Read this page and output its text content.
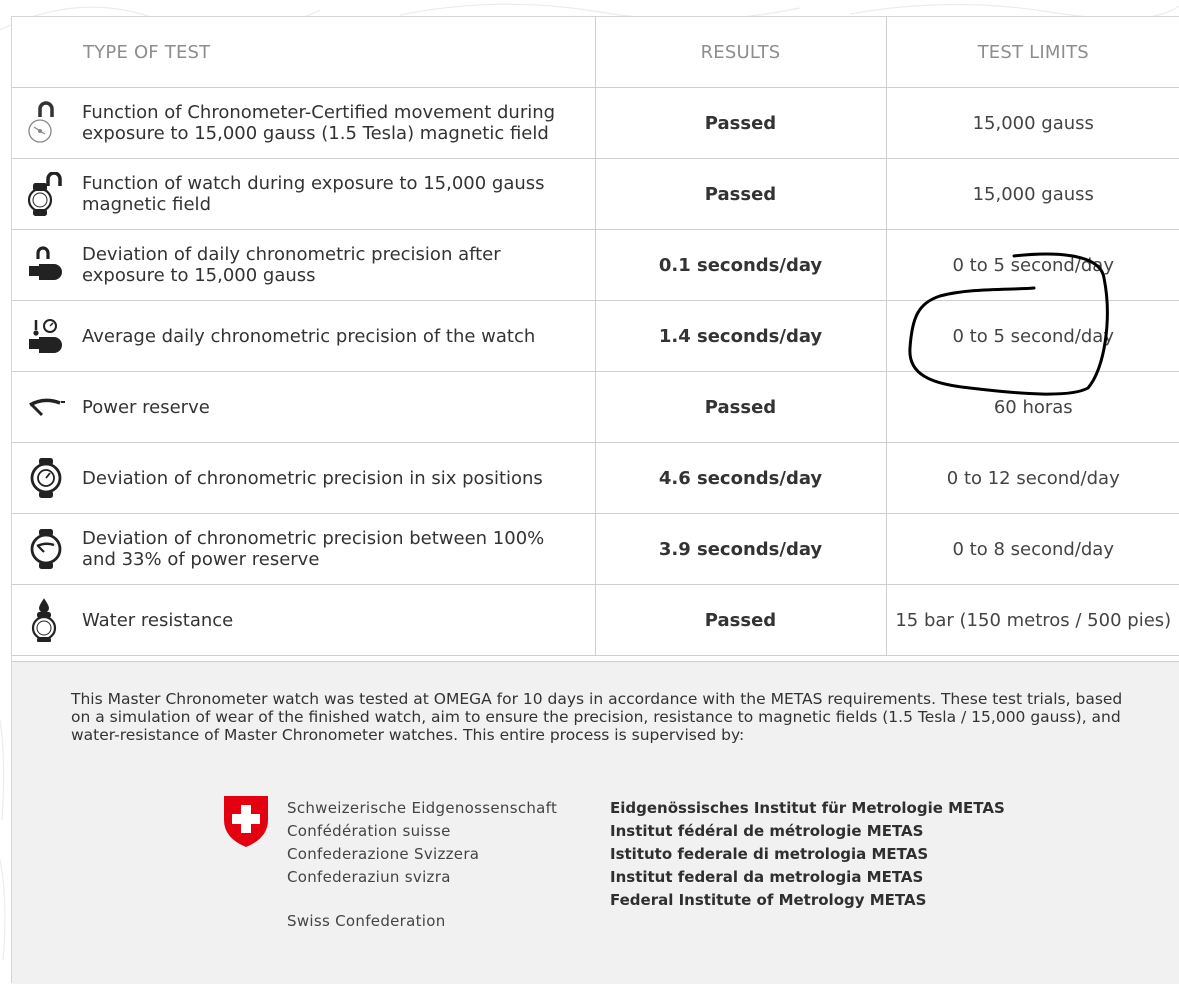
TYPE OF TEST	RESULTS	TEST LIMITS

Function of Chronometer-Certified movement during exposure to 15,000 gauss (1.5 Tesla) magnetic field	Passed	15,000 gauss

Function of watch during exposure to 15,000 gauss magnetic field	Passed	15,000 gauss

Deviation of daily chronometric precision after exposure to 15,000 gauss	0.1 seconds/day	0 to 5 second/day

Average daily chronometric precision of the watch	1.4 seconds/day	0 to 5 second/day

Power reserve	Passed	60 horas

Deviation of chronometric precision in six positions	4.6 seconds/day	0 to 12 second/day

Deviation of chronometric precision between 100% and 33% of power reserve	3.9 seconds/day	0 to 8 second/day

Water resistance	Passed	15 bar (150 metros / 500 pies)
This Master Chronometer watch was tested at OMEGA for 10 days in accordance with the METAS requirements. These test trials, based on a simulation of wear of the finished watch, aim to ensure the precision, resistance to magnetic fields (1.5 Tesla / 15,000 gauss), and water-resistance of Master Chronometer watches. This entire process is supervised by:
Schweizerische Eidgenossenschaft
Confédération suisse
Confederazione Svizzera
Confederaziun svizra
Swiss Confederation
Eidgenössisches Institut für Metrologie METAS
Institut fédéral de métrologie METAS
Istituto federale di metrologia METAS
Institut federal da metrologia METAS
Federal Institute of Metrology METAS
